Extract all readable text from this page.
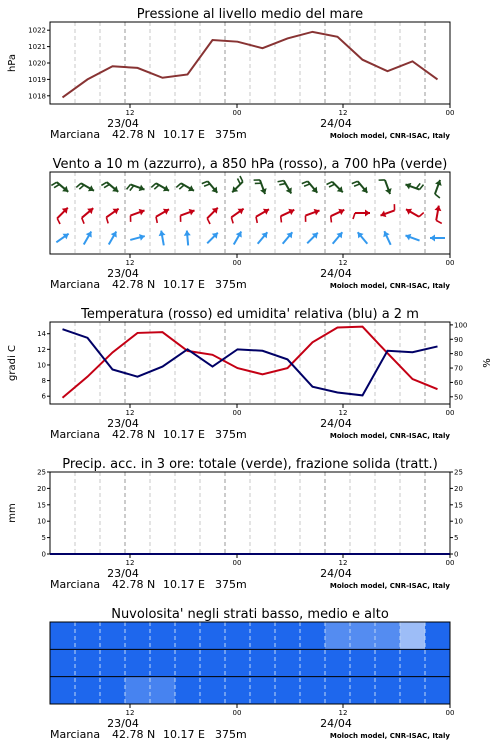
Pressione al livello medio del mare
1018
1019
1020
1021
1022
hPa
12
23/04
00	12
24/04
00
Marciana 42.78 N 10.17 E 375m	Moloch model, CNR-ISAC, Italy
Vento a 10 m (azzurro), a 850 hPa (rosso), a 700 hPa (verde)
12
23/04
00	12
24/04
00
Marciana 42.78 N 10.17 E 375m	Moloch model, CNR-ISAC, Italy
Temperatura (rosso) ed umidita' relativa (blu) a 2 m
6
8
10
12
14
50
60
70
80
90
100
gradi C	%
12
23/04
00	12
24/04
00
Marciana 42.78 N 10.17 E 375m	Moloch model, CNR-ISAC, Italy
Precip. acc. in 3 ore: totale (verde), frazione solida (tratt.)
0
5
10
15
20
25
0
5
10
15
20
25
mm
12
23/04
00	12
24/04
00
Marciana 42.78 N 10.17 E 375m	Moloch model, CNR-ISAC, Italy
Nuvolosita' negli strati basso, medio e alto
12
23/04
00	12
24/04
00
Marciana 42.78 N 10.17 E 375m	Moloch model, CNR-ISAC, Italy
